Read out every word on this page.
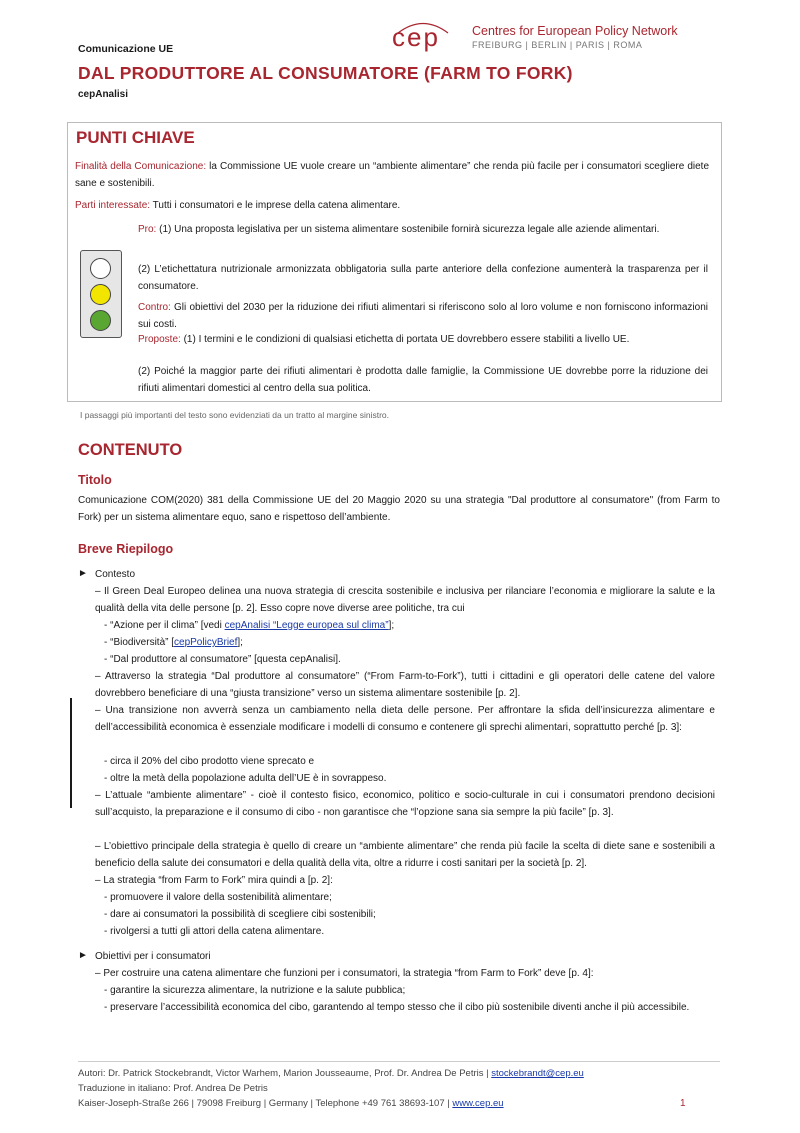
Comunicazione UE	cep	Centres for European Policy Network
FREIBURG | BERLIN | PARIS | ROMA
DAL PRODUTTORE AL CONSUMATORE (FARM TO FORK)
cepAnalisi
PUNTI CHIAVE
Finalità della Comunicazione: la Commissione UE vuole creare un “ambiente alimentare” che renda più facile per i consumatori scegliere diete sane e sostenibili.
Parti interessate: Tutti i consumatori e le imprese della catena alimentare.
Pro: (1) Una proposta legislativa per un sistema alimentare sostenibile fornirà sicurezza legale alle aziende alimentari.
(2) L’etichettatura nutrizionale armonizzata obbligatoria sulla parte anteriore della confezione aumenterà la trasparenza per il consumatore.
Contro: Gli obiettivi del 2030 per la riduzione dei rifiuti alimentari si riferiscono solo al loro volume e non forniscono informazioni sui costi.
Proposte: (1) I termini e le condizioni di qualsiasi etichetta di portata UE dovrebbero essere stabiliti a livello UE.
(2) Poiché la maggior parte dei rifiuti alimentari è prodotta dalle famiglie, la Commissione UE dovrebbe porre la riduzione dei rifiuti alimentari domestici al centro della sua politica.
I passaggi più importanti del testo sono evidenziati da un tratto al margine sinistro.
CONTENUTO
Titolo
Comunicazione COM(2020) 381 della Commissione UE del 20 Maggio 2020 su una strategia "Dal produttore al consumatore" (from Farm to Fork) per un sistema alimentare equo, sano e rispettoso dell’ambiente.
Breve Riepilogo
► Contesto
– Il Green Deal Europeo delinea una nuova strategia di crescita sostenibile e inclusiva per rilanciare l’economia e migliorare la salute e la qualità della vita delle persone [p. 2]. Esso copre nove diverse aree politiche, tra cui
- “Azione per il clima” [vedi cepAnalisi “Legge europea sul clima”];
- “Biodiversità” [cepPolicyBrief];
- “Dal produttore al consumatore” [questa cepAnalisi].
– Attraverso la strategia “Dal produttore al consumatore” (“From Farm-to-Fork”), tutti i cittadini e gli operatori delle catene del valore dovrebbero beneficiare di una “giusta transizione” verso un sistema alimentare sostenibile [p. 2].
– Una transizione non avverrà senza un cambiamento nella dieta delle persone. Per affrontare la sfida dell’insicurezza alimentare e dell’accessibilità economica è essenziale modificare i modelli di consumo e contenere gli sprechi alimentari, soprattutto perché [p. 3]:
- circa il 20% del cibo prodotto viene sprecato e
- oltre la metà della popolazione adulta dell’UE è in sovrappeso.
– L’attuale “ambiente alimentare” - cioè il contesto fisico, economico, politico e socio-culturale in cui i consumatori prendono decisioni sull’acquisto, la preparazione e il consumo di cibo - non garantisce che “l’opzione sana sia sempre la più facile” [p. 3].
– L’obiettivo principale della strategia è quello di creare un “ambiente alimentare” che renda più facile la scelta di diete sane e sostenibili a beneficio della salute dei consumatori e della qualità della vita, oltre a ridurre i costi sanitari per la società [p. 2].
– La strategia “from Farm to Fork” mira quindi a [p. 2]:
- promuovere il valore della sostenibilità alimentare;
- dare ai consumatori la possibilità di scegliere cibi sostenibili;
- rivolgersi a tutti gli attori della catena alimentare.
► Obiettivi per i consumatori
– Per costruire una catena alimentare che funzioni per i consumatori, la strategia “from Farm to Fork” deve [p. 4]:
- garantire la sicurezza alimentare, la nutrizione e la salute pubblica;
- preservare l’accessibilità economica del cibo, garantendo al tempo stesso che il cibo più sostenibile diventi anche il più accessibile.
Autori: Dr. Patrick Stockebrandt, Victor Warhem, Marion Jousseaume, Prof. Dr. Andrea De Petris | stockebrandt@cep.eu
Traduzione in italiano: Prof. Andrea De Petris
Kaiser-Joseph-Straße 266 | 79098 Freiburg | Germany | Telephone +49 761 38693-107 | www.cep.eu	1
